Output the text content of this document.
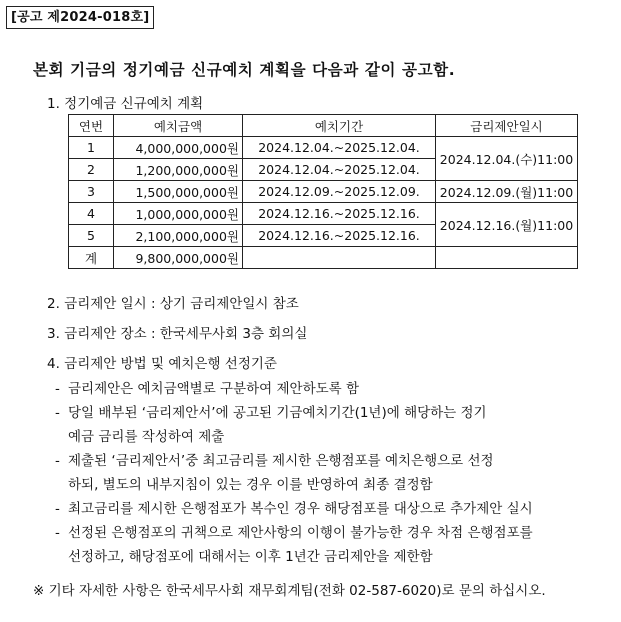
[공고 제2024-018호]
본회 기금의 정기예금 신규예치 계획을 다음과 같이 공고함.
1. 정기예금 신규예치 계획
연번	예치금액	예치기간	금리제안일시
1	4,000,000,000원	2024.12.04.~2025.12.04.	2024.12.04.(수)11:00
2	1,200,000,000원	2024.12.04.~2025.12.04.	
3	1,500,000,000원	2024.12.09.~2025.12.09.	2024.12.09.(월)11:00
4	1,000,000,000원	2024.12.16.~2025.12.16.	2024.12.16.(월)11:00
5	2,100,000,000원	2024.12.16.~2025.12.16.	
계	9,800,000,000원		
2. 금리제안 일시 : 상기 금리제안일시 참조
3. 금리제안 장소 : 한국세무사회 3층 회의실
4. 금리제안 방법 및 예치은행 선정기준
- 금리제안은 예치금액별로 구분하여 제안하도록 함
- 당일 배부된 ‘금리제안서’에 공고된 기금예치기간(1년)에 해당하는 정기
예금 금리를 작성하여 제출
- 제출된 ‘금리제안서’중 최고금리를 제시한 은행점포를 예치은행으로 선정
하되, 별도의 내부지침이 있는 경우 이를 반영하여 최종 결정함
- 최고금리를 제시한 은행점포가 복수인 경우 해당점포를 대상으로 추가제안 실시
- 선정된 은행점포의 귀책으로 제안사항의 이행이 불가능한 경우 차점 은행점포를
선정하고, 해당점포에 대해서는 이후 1년간 금리제안을 제한함
※ 기타 자세한 사항은 한국세무사회 재무회계팀(전화 02-587-6020)로 문의 하십시오.
